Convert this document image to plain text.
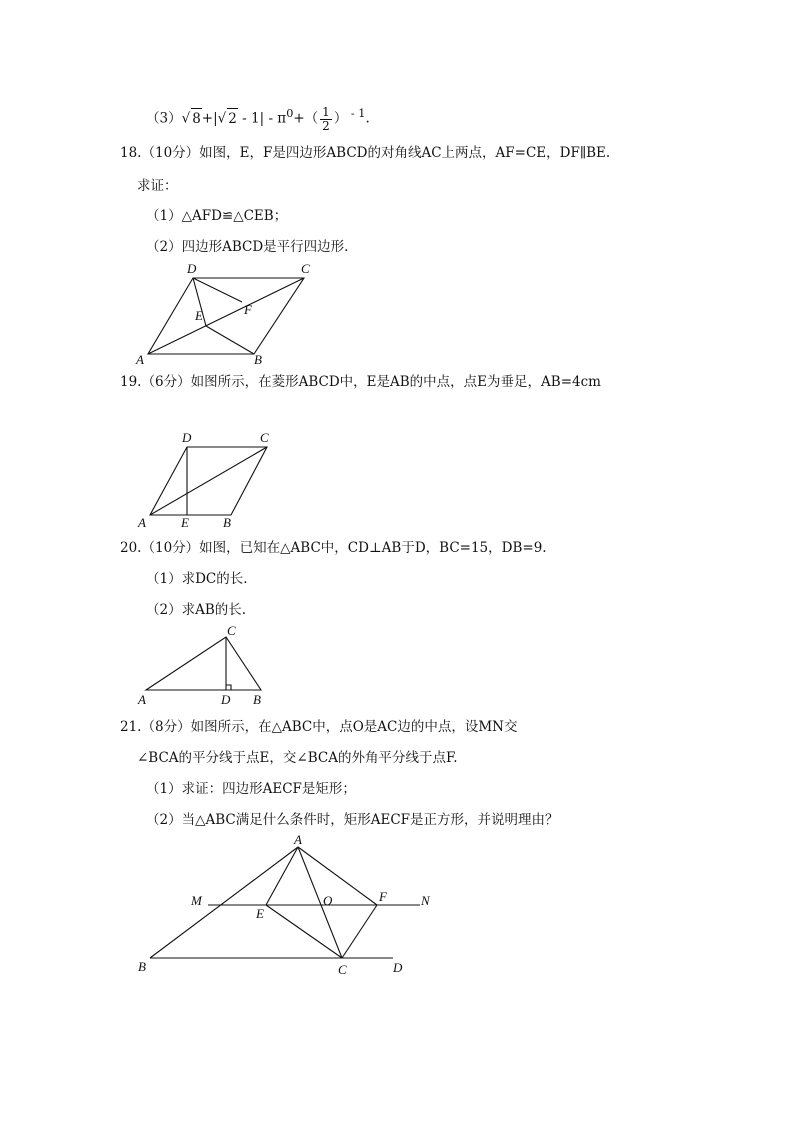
（3）√ 8+|√ $2 - 1| - \pi^0+( \frac{1}{2}$ ） $^{- 1}$.
18.（10分）如图，E，F是四边形ABCD的对角线AC上两点，AF=CE，DF∥BE.
求证：
（1）△AFD≌△CEB；
（2）四边形ABCD是平行四边形.
A	B
C
D
E	F
19.（6分）如图所示，在菱形ABCD中，E是AB的中点，点E为垂足，AB=4cm
A	E	B
C
D
20.（10分）如图，已知在△ABC中，CD⊥AB于D，BC=15，DB=9.
（1）求DC的长.
（2）求AB的长.
A	D B
C
21.（8分）如图所示，在△ABC中，点O是AC边的中点，设MN交
∠BCA的平分线于点E，交∠BCA的外角平分线于点F.
（1）求证：四边形AECF是矩形；
（2）当△ABC满足什么条件时，矩形AECF是正方形，并说明理由？
A
B	C	D
E
F
M	N
O
